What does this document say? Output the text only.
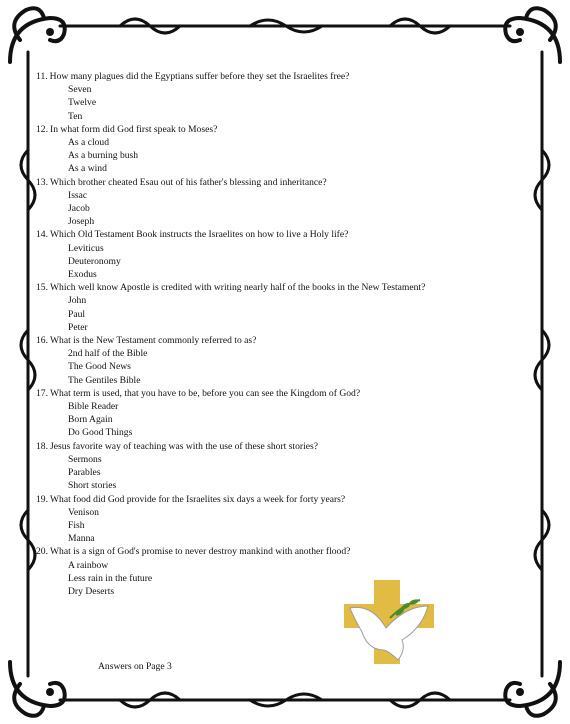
11. How many plagues did the Egyptians suffer before they set the Israelites free?
Seven
Twelve
Ten
12. In what form did God first speak to Moses?
As a cloud
As a burning bush
As a wind
13. Which brother cheated Esau out of his father's blessing and inheritance?
Issac
Jacob
Joseph
14. Which Old Testament Book instructs the Israelites on how to live a Holy life?
Leviticus
Deuteronomy
Exodus
15. Which well know Apostle is credited with writing nearly half of the books in the New Testament?
John
Paul
Peter
16. What is the New Testament commonly referred to as?
2nd half of the Bible
The Good News
The Gentiles Bible
17. What term is used, that you have to be, before you can see the Kingdom of God?
Bible Reader
Born Again
Do Good Things
18. Jesus favorite way of teaching was with the use of these short stories?
Sermons
Parables
Short stories
19. What food did God provide for the Israelites six days a week for forty years?
Venison
Fish
Manna
20. What is a sign of God's promise to never destroy mankind with another flood?
A rainbow
Less rain in the future
Dry Deserts
Answers on Page 3
